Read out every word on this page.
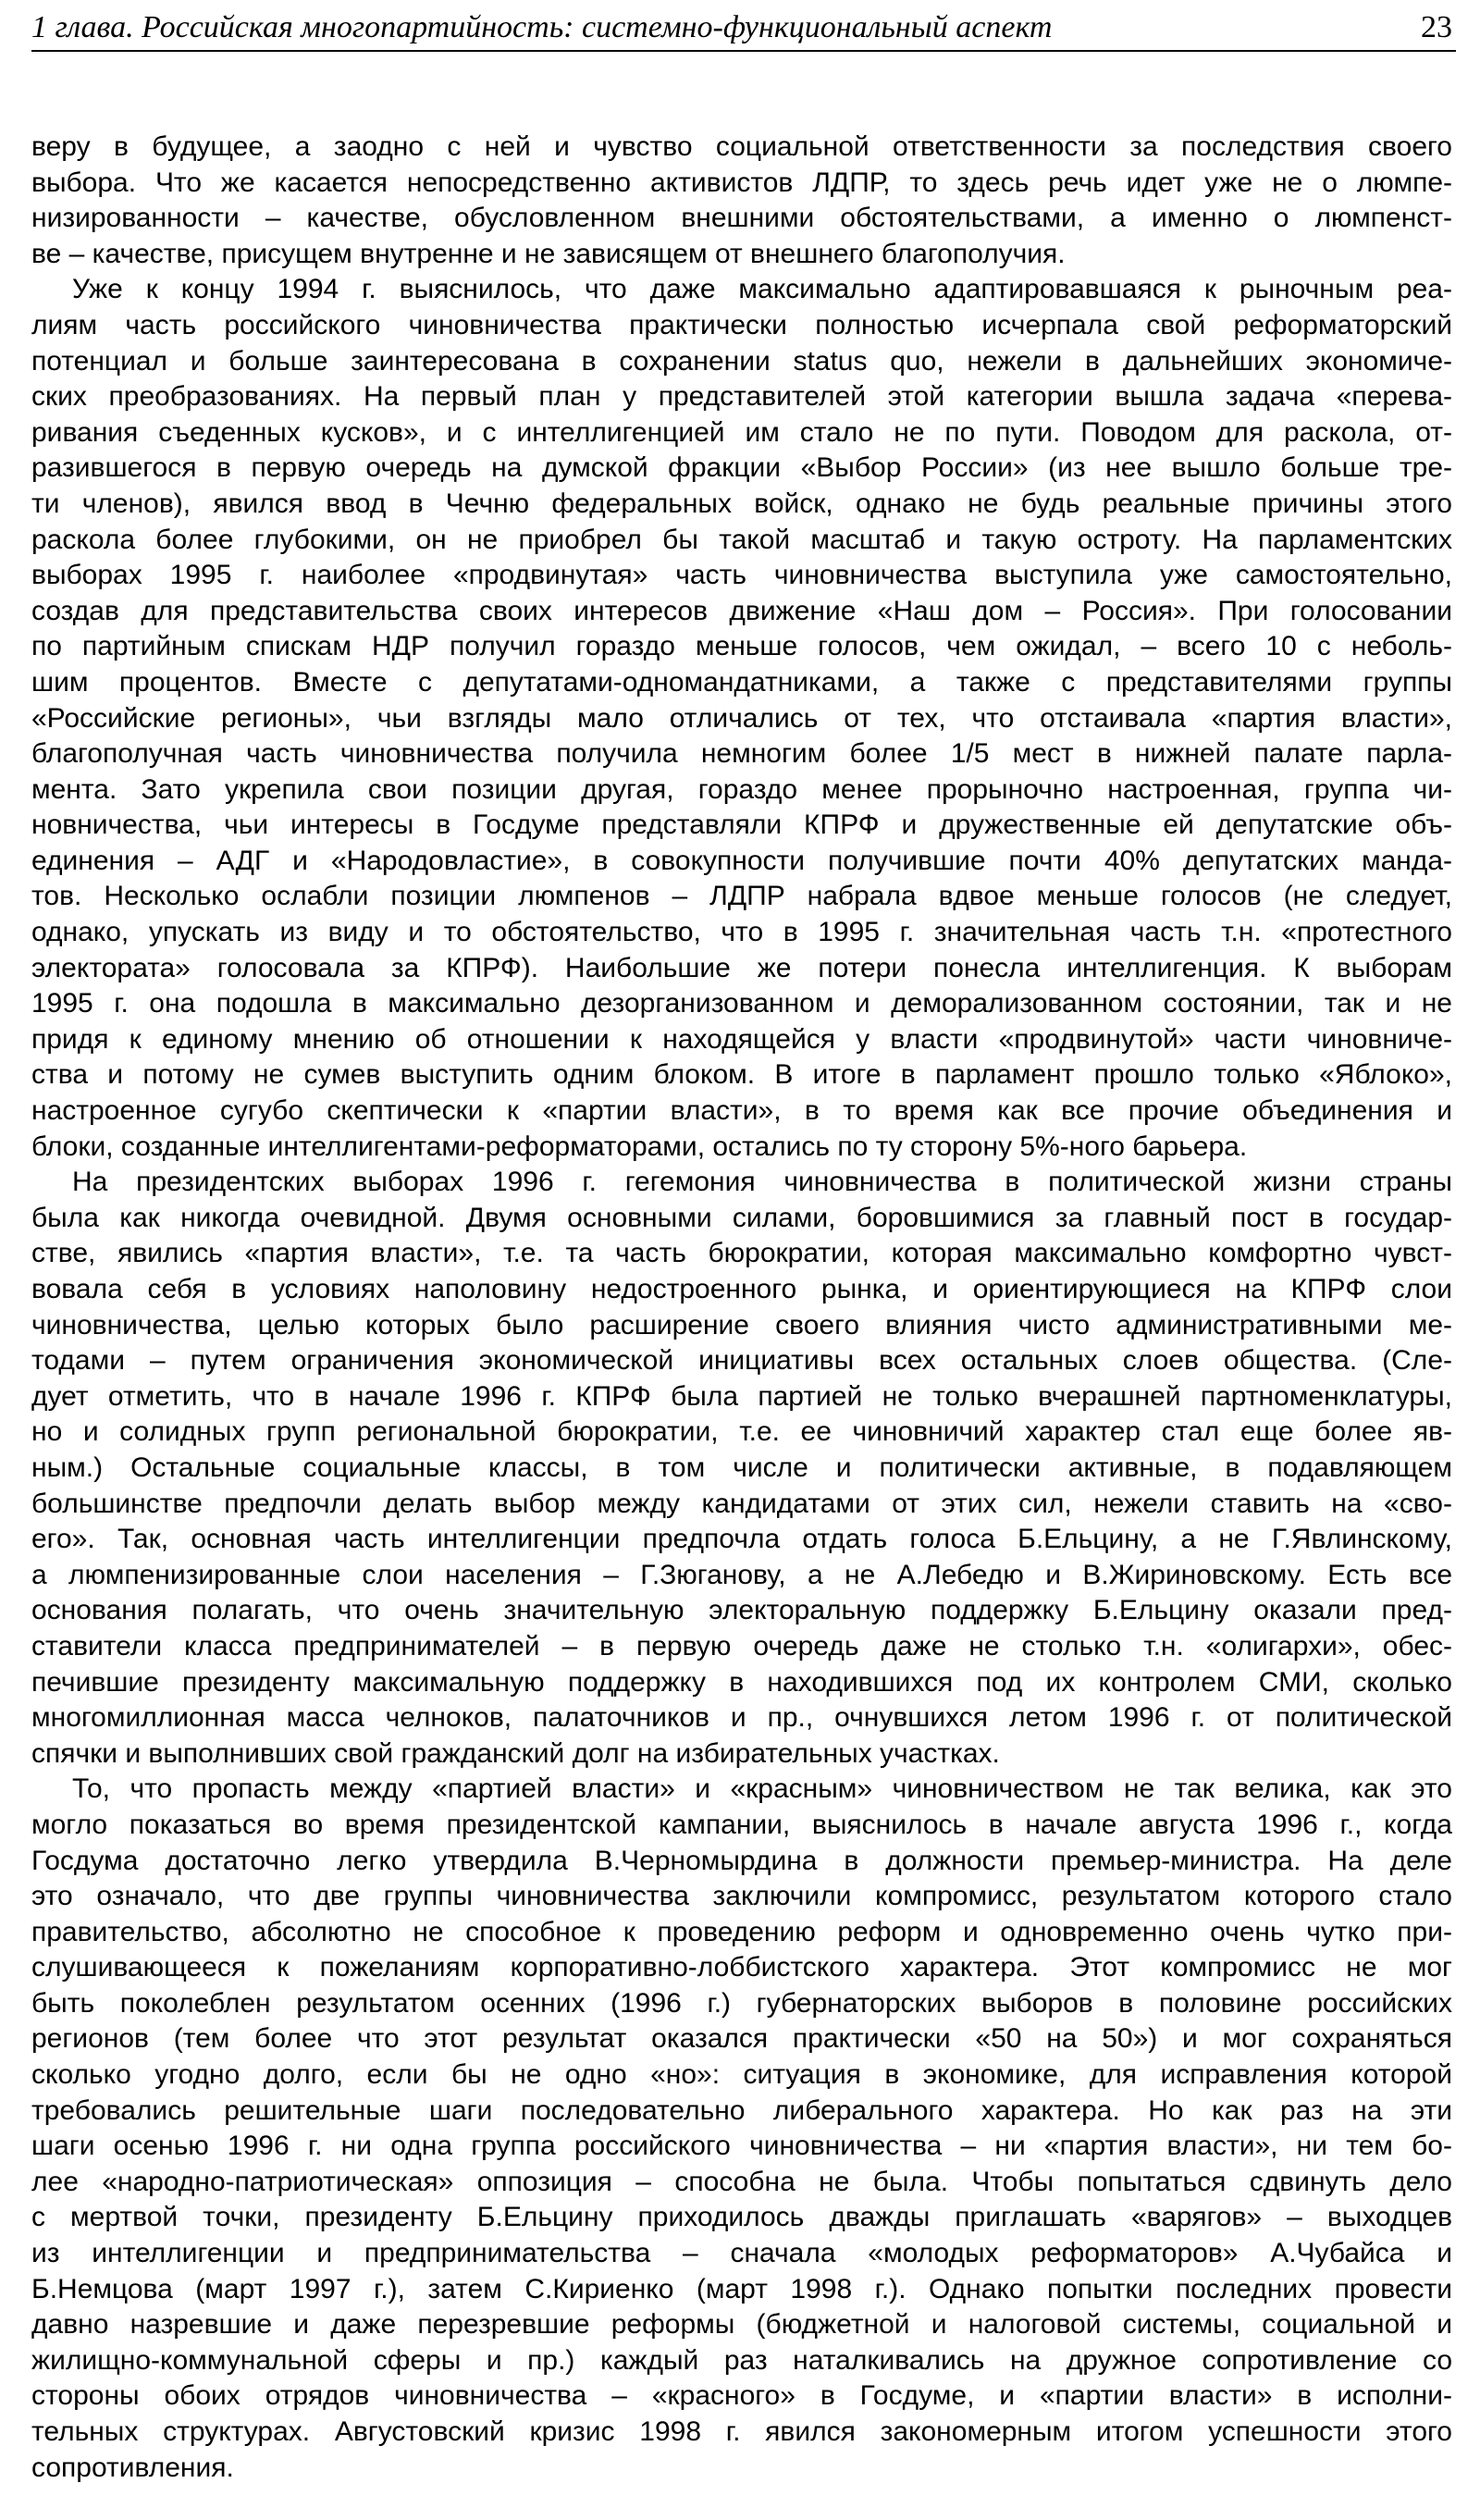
1 глава. Российская многопартийность: системно-функциональный аспект	23
веру в будущее, а заодно с ней и чувство социальной ответственности за последствия своего
выбора. Что же касается непосредственно активистов ЛДПР, то здесь речь идет уже не о люмпе-
низированности – качестве, обусловленном внешними обстоятельствами, а именно о люмпенст-
ве – качестве, присущем внутренне и не зависящем от внешнего благополучия.
Уже к концу 1994 г. выяснилось, что даже максимально адаптировавшаяся к рыночным реа-
лиям часть российского чиновничества практически полностью исчерпала свой реформаторский
потенциал и больше заинтересована в сохранении status quo, нежели в дальнейших экономиче-
ских преобразованиях. На первый план у представителей этой категории вышла задача «перева-
ривания съеденных кусков», и с интеллигенцией им стало не по пути. Поводом для раскола, от-
разившегося в первую очередь на думской фракции «Выбор России» (из нее вышло больше тре-
ти членов), явился ввод в Чечню федеральных войск, однако не будь реальные причины этого
раскола более глубокими, он не приобрел бы такой масштаб и такую остроту. На парламентских
выборах 1995 г. наиболее «продвинутая» часть чиновничества выступила уже самостоятельно,
создав для представительства своих интересов движение «Наш дом – Россия». При голосовании
по партийным спискам НДР получил гораздо меньше голосов, чем ожидал, – всего 10 с неболь-
шим процентов. Вместе с депутатами-одномандатниками, а также с представителями группы
«Российские регионы», чьи взгляды мало отличались от тех, что отстаивала «партия власти»,
благополучная часть чиновничества получила немногим более 1/5 мест в нижней палате парла-
мента. Зато укрепила свои позиции другая, гораздо менее прорыночно настроенная, группа чи-
новничества, чьи интересы в Госдуме представляли КПРФ и дружественные ей депутатские объ-
единения – АДГ и «Народовластие», в совокупности получившие почти 40% депутатских манда-
тов. Несколько ослабли позиции люмпенов – ЛДПР набрала вдвое меньше голосов (не следует,
однако, упускать из виду и то обстоятельство, что в 1995 г. значительная часть т.н. «протестного
электората» голосовала за КПРФ). Наибольшие же потери понесла интеллигенция. К выборам
1995 г. она подошла в максимально дезорганизованном и деморализованном состоянии, так и не
придя к единому мнению об отношении к находящейся у власти «продвинутой» части чиновниче-
ства и потому не сумев выступить одним блоком. В итоге в парламент прошло только «Яблоко»,
настроенное сугубо скептически к «партии власти», в то время как все прочие объединения и
блоки, созданные интеллигентами-реформаторами, остались по ту сторону 5%-ного барьера.
На президентских выборах 1996 г. гегемония чиновничества в политической жизни страны
была как никогда очевидной. Двумя основными силами, боровшимися за главный пост в государ-
стве, явились «партия власти», т.е. та часть бюрократии, которая максимально комфортно чувст-
вовала себя в условиях наполовину недостроенного рынка, и ориентирующиеся на КПРФ слои
чиновничества, целью которых было расширение своего влияния чисто административными ме-
тодами – путем ограничения экономической инициативы всех остальных слоев общества. (Сле-
дует отметить, что в начале 1996 г. КПРФ была партией не только вчерашней партноменклатуры,
но и солидных групп региональной бюрократии, т.е. ее чиновничий характер стал еще более яв-
ным.) Остальные социальные классы, в том числе и политически активные, в подавляющем
большинстве предпочли делать выбор между кандидатами от этих сил, нежели ставить на «сво-
его». Так, основная часть интеллигенции предпочла отдать голоса Б.Ельцину, а не Г.Явлинскому,
а люмпенизированные слои населения – Г.Зюганову, а не А.Лебедю и В.Жириновскому. Есть все
основания полагать, что очень значительную электоральную поддержку Б.Ельцину оказали пред-
ставители класса предпринимателей – в первую очередь даже не столько т.н. «олигархи», обес-
печившие президенту максимальную поддержку в находившихся под их контролем СМИ, сколько
многомиллионная масса челноков, палаточников и пр., очнувшихся летом 1996 г. от политической
спячки и выполнивших свой гражданский долг на избирательных участках.
То, что пропасть между «партией власти» и «красным» чиновничеством не так велика, как это
могло показаться во время президентской кампании, выяснилось в начале августа 1996 г., когда
Госдума достаточно легко утвердила В.Черномырдина в должности премьер-министра. На деле
это означало, что две группы чиновничества заключили компромисс, результатом которого стало
правительство, абсолютно не способное к проведению реформ и одновременно очень чутко при-
слушивающееся к пожеланиям корпоративно-лоббистского характера. Этот компромисс не мог
быть поколеблен результатом осенних (1996 г.) губернаторских выборов в половине российских
регионов (тем более что этот результат оказался практически «50 на 50») и мог сохраняться
сколько угодно долго, если бы не одно «но»: ситуация в экономике, для исправления которой
требовались решительные шаги последовательно либерального характера. Но как раз на эти
шаги осенью 1996 г. ни одна группа российского чиновничества – ни «партия власти», ни тем бо-
лее «народно-патриотическая» оппозиция – способна не была. Чтобы попытаться сдвинуть дело
с мертвой точки, президенту Б.Ельцину приходилось дважды приглашать «варягов» – выходцев
из интеллигенции и предпринимательства – сначала «молодых реформаторов» А.Чубайса и
Б.Немцова (март 1997 г.), затем С.Кириенко (март 1998 г.). Однако попытки последних провести
давно назревшие и даже перезревшие реформы (бюджетной и налоговой системы, социальной и
жилищно-коммунальной сферы и пр.) каждый раз наталкивались на дружное сопротивление со
стороны обоих отрядов чиновничества – «красного» в Госдуме, и «партии власти» в исполни-
тельных структурах. Августовский кризис 1998 г. явился закономерным итогом успешности этого
сопротивления.
